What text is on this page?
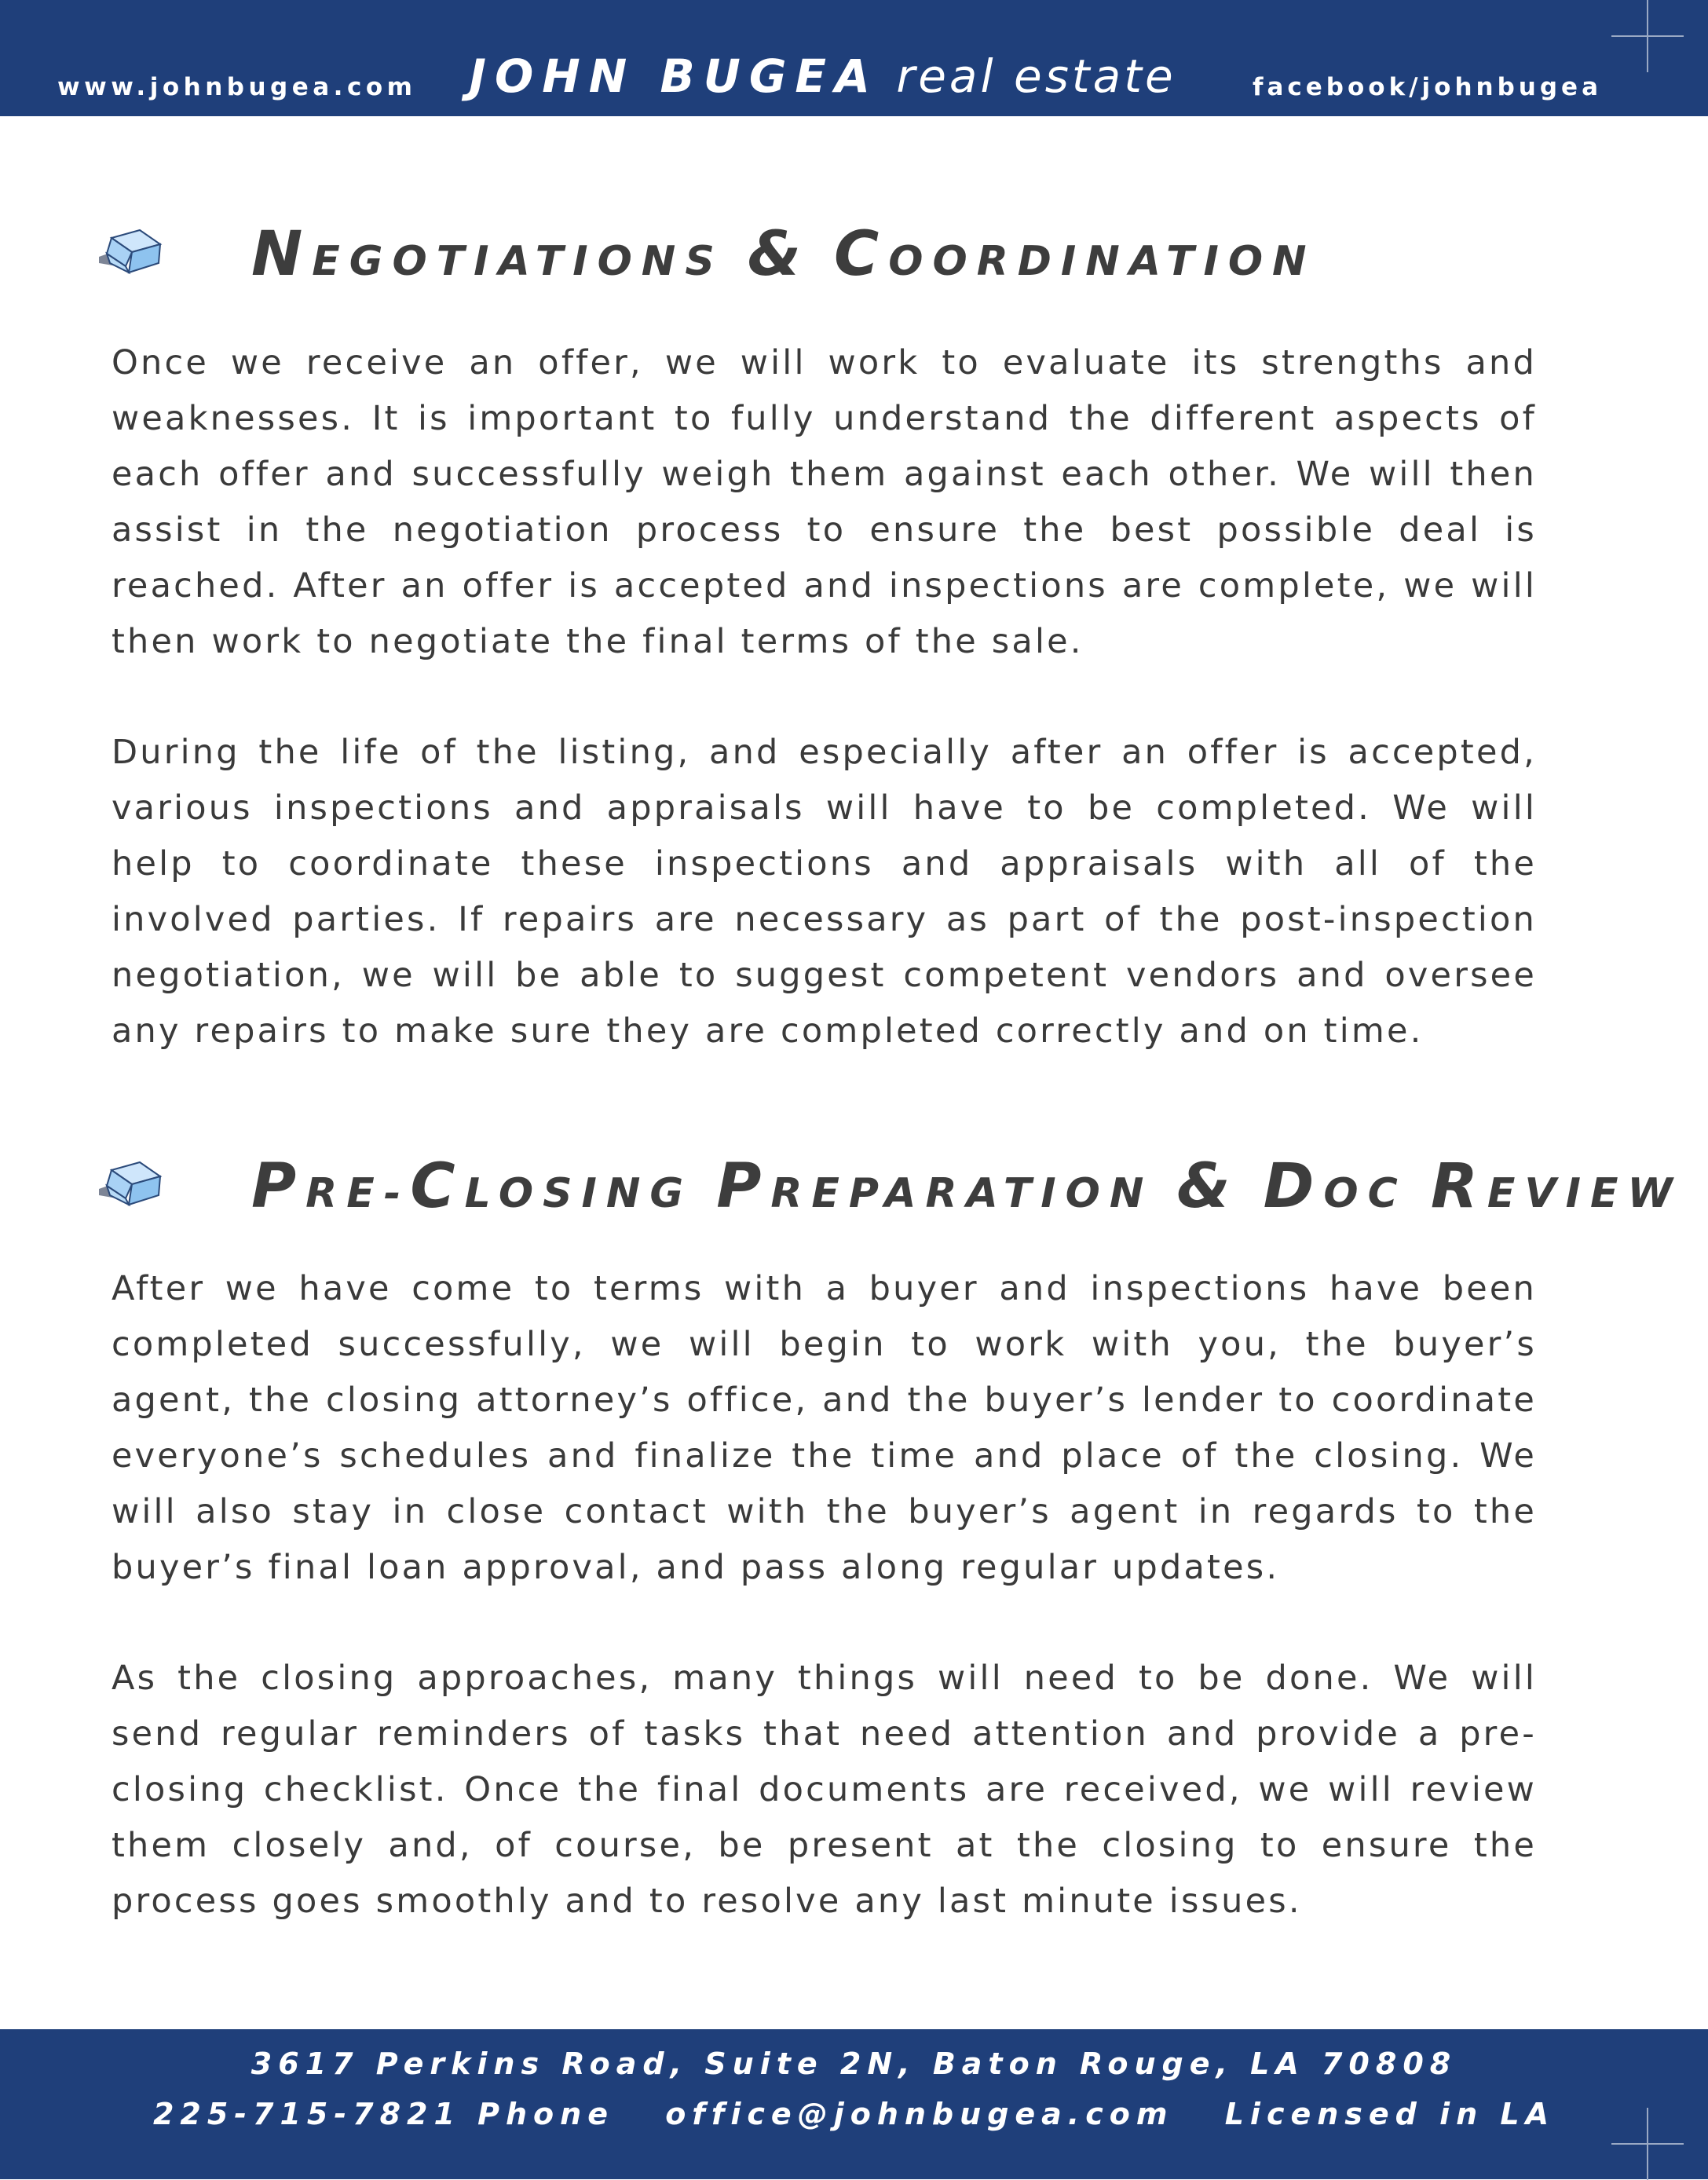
www.johnbugea.com	JOHN BUGEA real estate	facebook/johnbugea
NEGOTIATIONS & COORDINATION

Once we receive an offer, we will work to evaluate its strengths and weaknesses. It is important to fully understand the different aspects of each offer and successfully weigh them against each other. We will then assist in the negotiation process to ensure the best possible deal is reached. After an offer is accepted and inspections are complete, we will then work to negotiate the final terms of the sale.

During the life of the listing, and especially after an offer is accepted, various inspections and appraisals will have to be completed. We will help to coordinate these inspections and appraisals with all of the involved parties. If repairs are necessary as part of the post-inspection negotiation, we will be able to suggest competent vendors and oversee any repairs to make sure they are completed correctly and on time.

PRE-CLOSING PREPARATION & DOC REVIEW

After we have come to terms with a buyer and inspections have been completed successfully, we will begin to work with you, the buyer’s agent, the closing attorney’s office, and the buyer’s lender to coordinate everyone’s schedules and finalize the time and place of the closing. We will also stay in close contact with the buyer’s agent in regards to the buyer’s final loan approval, and pass along regular updates.

As the closing approaches, many things will need to be done. We will send regular reminders of tasks that need attention and provide a pre-closing checklist. Once the final documents are received, we will review them closely and, of course, be present at the closing to ensure the process goes smoothly and to resolve any last minute issues.

3617 Perkins Road, Suite 2N, Baton Rouge, LA 70808
225-715-7821 Phone office@johnbugea.com Licensed in LA
